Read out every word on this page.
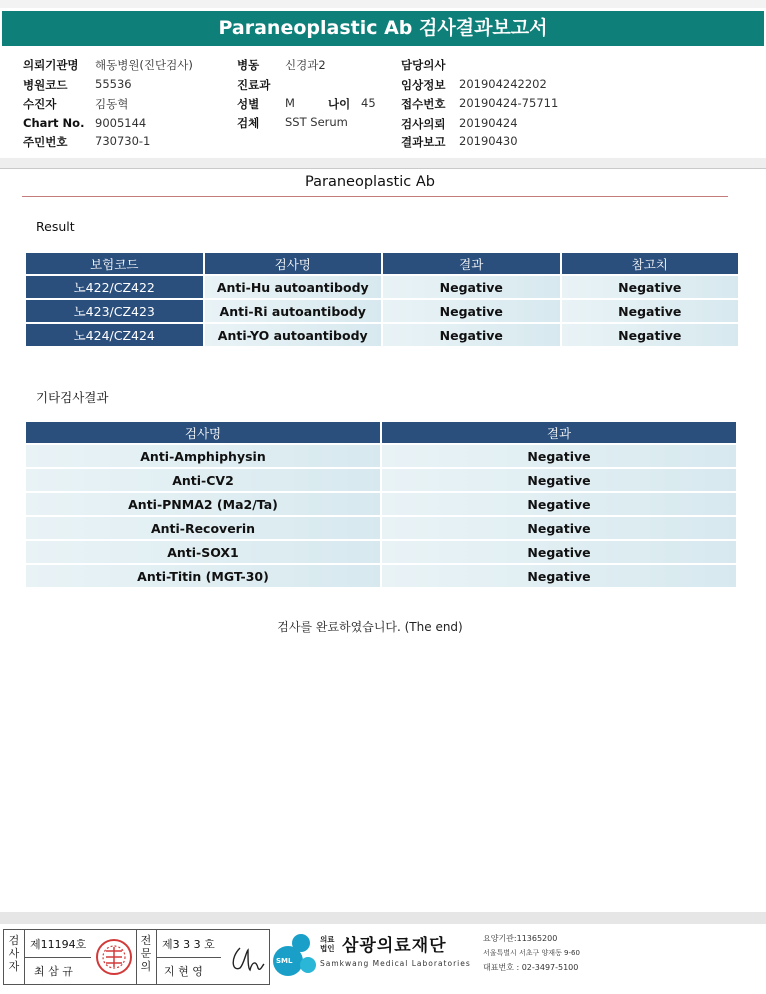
Paraneoplastic Ab 검사결과보고서
의뢰기관명 해동병원(진단검사)
병원코드 55536
수진자	김동혁
Chart No. 9005144
주민번호 730730-1
병동 신경과2
진료과
성별 M	나이 45
검체 SST Serum
담당의사
임상정보 201904242202
접수번호 20190424-75711
검사의뢰 20190424
결과보고 20190430
Paraneoplastic Ab
Result
보험코드	검사명	결과	참고치
노422/CZ422	Anti-Hu autoantibody	Negative	Negative
노423/CZ423	Anti-Ri autoantibody	Negative	Negative
노424/CZ424	Anti-YO autoantibody	Negative	Negative
기타검사결과
검사명	결과
Anti-Amphiphysin	Negative
Anti-CV2	Negative
Anti-PNMA2 (Ma2/Ta)	Negative
Anti-Recoverin	Negative
Anti-SOX1	Negative
Anti-Titin (MGT-30)	Negative
검사를 완료하였습니다. (The end)
검사자
제11194호
최 삼 규
전문의
제3 3 3 호
지 현 영
SML
의료
법인 삼광의료재단
Samkwang Medical Laboratories
요양기관:11365200
서울특별시 서초구 양재동 9-60
대표번호 : 02-3497-5100
